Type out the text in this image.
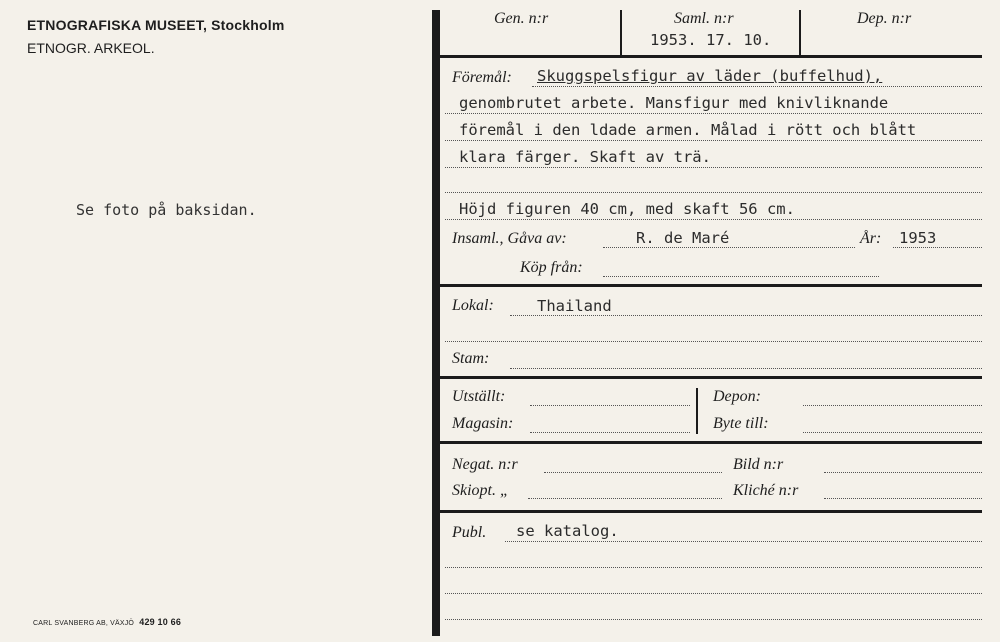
ETNOGRAFISKA MUSEET, Stockholm
ETNOGR. ARKEOL.
Se foto på baksidan.
CARL SVANBERG AB, VÄXJÖ 429 10 66
Gen. n:r	Saml. n:r
1953. 17. 10.
Dep. n:r
Föremål: Skuggspelsfigur av läder (buffelhud),
genombrutet arbete. Mansfigur med knivliknande
föremål i den ldade armen. Målad i rött och blått
klara färger. Skaft av trä.
Höjd figuren 40 cm, med skaft 56 cm.
Insaml., Gåva av:	R. de Maré	År: 1953
Köp från:
Lokal:	Thailand
Stam:
Utställt:
Magasin:
Depon:
Byte till:
Negat. n:r
Skiopt. „
Bild n:r
Kliché n:r
Publ. se katalog.
